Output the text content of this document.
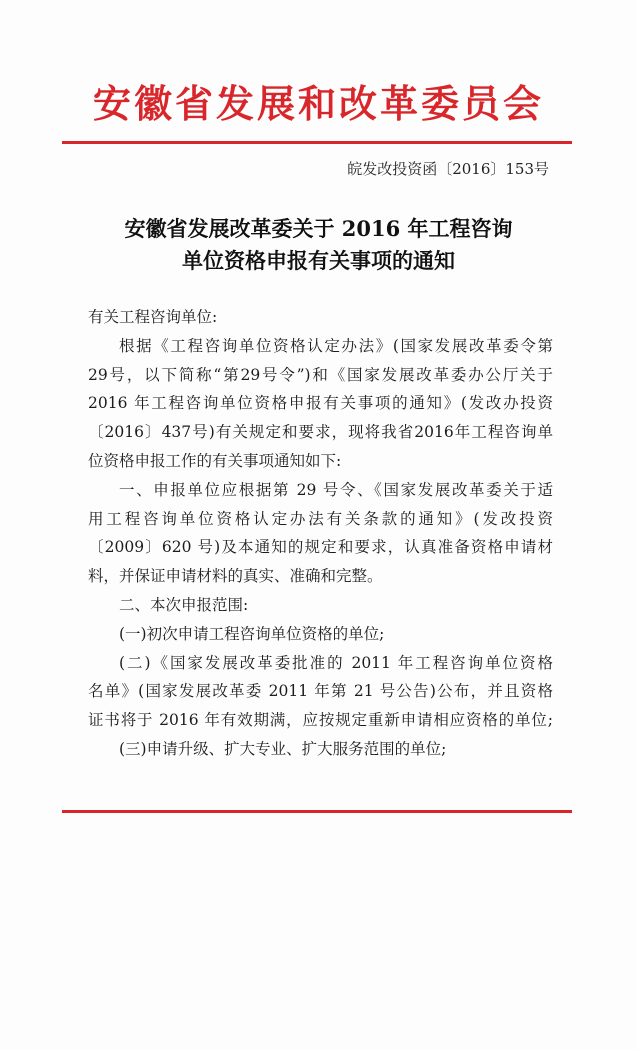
安徽省发展和改革委员会
皖发改投资函〔2016〕153号
安徽省发展改革委关于 2016 年工程咨询
单位资格申报有关事项的通知
有关工程咨询单位:
根据《工程咨询单位资格认定办法》(国家发展改革委令第
29号，以下简称“第29号令”)和《国家发展改革委办公厅关于
2016 年工程咨询单位资格申报有关事项的通知》(发改办投资
〔2016〕437号)有关规定和要求，现将我省2016年工程咨询单
位资格申报工作的有关事项通知如下:
一、申报单位应根据第 29 号令、《国家发展改革委关于适
用工程咨询单位资格认定办法有关条款的通知》(发改投资
〔2009〕620 号)及本通知的规定和要求，认真准备资格申请材
料，并保证申请材料的真实、准确和完整。
二、本次申报范围:
(一)初次申请工程咨询单位资格的单位;
(二)《国家发展改革委批准的 2011 年工程咨询单位资格
名单》(国家发展改革委 2011 年第 21 号公告)公布，并且资格
证书将于 2016 年有效期满，应按规定重新申请相应资格的单位;
(三)申请升级、扩大专业、扩大服务范围的单位;
